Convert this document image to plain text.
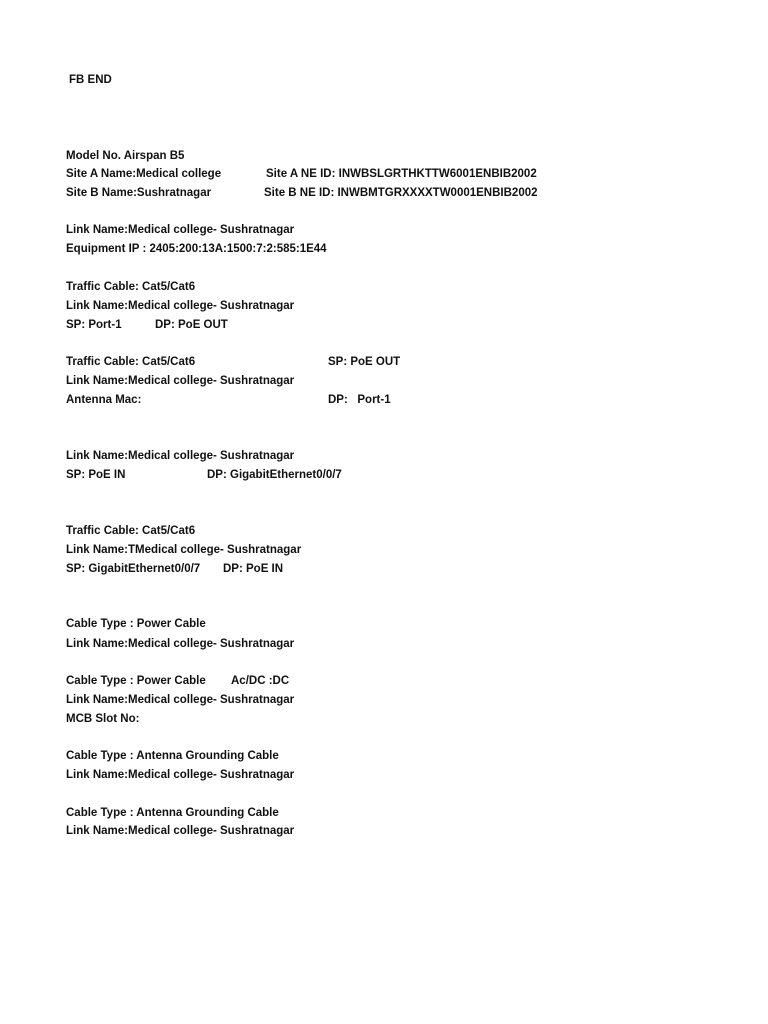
FB END
Model No. Airspan B5
Site A Name:Medical college	Site A NE ID: INWBSLGRTHKTTW6001ENBIB2002
Site B Name:Sushratnagar	Site B NE ID: INWBMTGRXXXXTW0001ENBIB2002
Link Name:Medical college- Sushratnagar
Equipment IP : 2405:200:13A:1500:7:2:585:1E44
Traffic Cable: Cat5/Cat6
Link Name:Medical college- Sushratnagar
SP: Port-1	DP: PoE OUT
Traffic Cable: Cat5/Cat6	SP: PoE OUT
Link Name:Medical college- Sushratnagar
Antenna Mac:	DP:   Port-1
Link Name:Medical college- Sushratnagar
SP: PoE IN	DP: GigabitEthernet0/0/7
Traffic Cable: Cat5/Cat6
Link Name:TMedical college- Sushratnagar
SP: GigabitEthernet0/0/7 DP: PoE IN
Cable Type : Power Cable
Link Name:Medical college- Sushratnagar
Cable Type : Power Cable Ac/DC :DC
Link Name:Medical college- Sushratnagar
MCB Slot No:
Cable Type : Antenna Grounding Cable
Link Name:Medical college- Sushratnagar
Cable Type : Antenna Grounding Cable
Link Name:Medical college- Sushratnagar
